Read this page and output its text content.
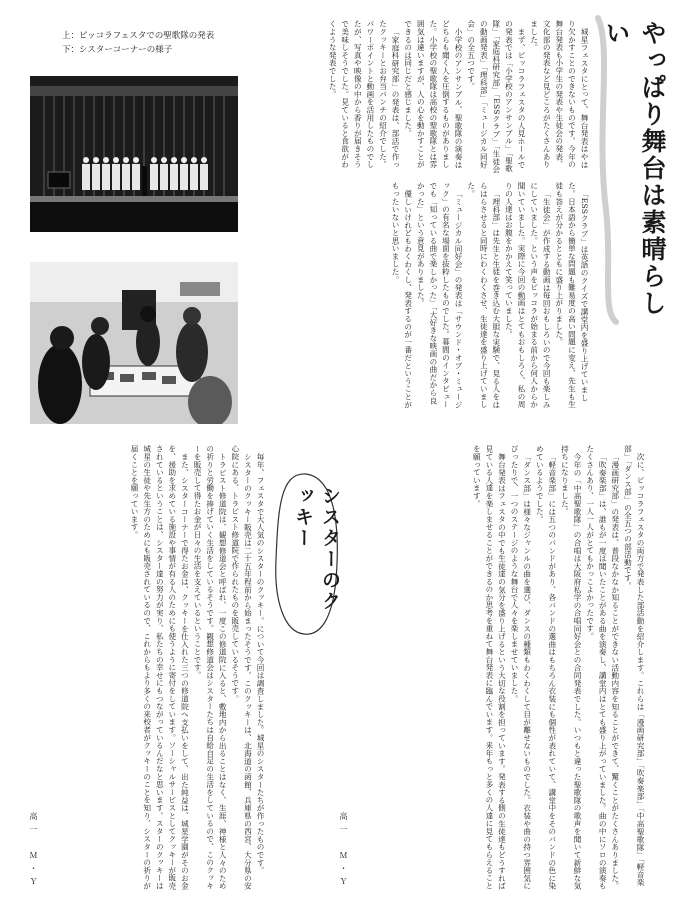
やっぱり舞台は素晴らしい

城星フェスタにとって、舞台発表はやはり欠かすことのできないものです。今年の舞台発表も小学生の発表や生徒会の発表、文化部の発表など見どころがたくさんありました。

まず、ピッコラフェスタの人見ホールでの発表では「小学校のアンサンブル」「聖歌隊」「家庭科研究部」「ESSクラブ」「生徒会の動画発表」「理科部」「ミュージカル同好会」の全五つです。

小学校のアンサンブル、聖歌隊の演奏はどちらも聞く人を圧倒するものがありました。小学校の聖歌隊は高校の聖歌隊とは雰囲気は違いますが、人の心を動かすことができるのは同じだと感じました。

「家庭科研究部」の発表は、部活で作ったクッキーとお弁当パンチの紹介でした。パワーポイントと動画を活用したものでしたが、写真や映像の中から香りが届きそうで美味しそうでした。見ていると食欲がわくような発表でした。

「ESSクラブ」は英語のクイズで講堂内を盛り上げていました。日本語から簡単な問題も難易度の高い問題に変え、先生も生徒も答えが分かるとともに盛り上がりました。

「生徒会」が作成する動画は毎回おもしろいので今回も楽しみにしていました。という声をピッコラが始まる前から何人からか聞いていました。実際に今回の動画はとてもおもしろく、私の周りの人達はお腹をかかえて笑っていました。

「理科部」は先生と生徒を巻き込む大胆な実験で、見る人をはらはらさせると同時にわくわくさせ、生徒達を盛り上げていました。

「ミュージカル同好会」の発表は「サウンド・オブ・ミュージック」の有名な場面を抜粋したものでした。幕間のインタビューでも「知っている曲で楽しかった」「大好きな映画の曲だから良かった」という意見がありました。

優しいけれどもわくわくし、発表するのが一番だということがもったいないと思いました。

上：ピッコラフェスタでの聖歌隊の発表
下：シスターコーナーの様子

次に、ピッコラフェスタの両方で発表した部活動を紹介します。これらは「漫画研究部」「吹奏楽部」「中高聖歌隊」「軽音楽部」「ダンス部」の全五つの部活動です。

「漫画研究部」の発表は、普段なかなか知ることができない活動内容を知ることができて、驚くことがたくさんありました。

「吹奏楽部」は、誰もが一度は聞いたことがある曲を演奏し、講堂内はとても盛り上がっていました。曲の中にソロの演奏もたくさんあり、一人一人がとてもかっこよかったです。

今年の「中高聖歌隊」の合唱は大阪府私学の合唱同好会との合同発表でした。いつもと違った聖歌隊の歌声を聞いて新鮮な気持ちになりました。

「軽音楽部」には五つのバンドがあり、各バンドの選曲はもちろん衣装にも個性が表れていて、講堂中をそのバンドの色に染めているようでした。

「ダンス部」は様々なジャンルの曲を選び、ダンスの種類もわくわくして目が離せないものでした。衣装や曲の持つ雰囲気にぴったりで、一つのステージのような舞台で人々を楽しませていました。

舞台発表はフェスタの中でも生徒達の気分を盛り上げるという大切な役割を担っています。発表する側の生徒達もどうすれば見ている人達を楽しませることができるのか思考を重ねて舞台発表に臨んでいます。来年もっと多くの人達に見てもらえることを願っています。

高一　Ｍ・Ｙ
シスターのクッキー

毎年、フェスタで大人気のシスターのクッキー。について今回は調査しました。城星のシスターたちが作ったものです。

シスターのクッキー販売は二十五年程前から始まったそうです。このクッキーは、北海道の函館、兵庫県の西宮、大分県の安心院にある、トラピスト修道院で作られたものを販売しているそうです。

トラピスト修道院は、観想修道会と呼ばれ、一度この修道院に入ると、敷地内から出ることはなく、生涯、神様と人々のための祈りと労働を捧げていく生活をしているそうです。観想修道会はシスターたちは自給自足の生活をしているので、このクッキーを販売して得たお金が日々の生活を支えているということです。

また、シスターコーナーで得たお金は、クッキーを仕入れた三つの修道院へ支払いをして、出た純益は、城星学園がそのお金を、援助を求めている施設や事情が有る人のためにも使うように寄付をしています。ソーシャルサービスとしてクッキーが販売されているということは、シスター達の努力が実り、私たちの幸せにもつながっているんだなと思います。スターのクッキーは城星の生徒や先生方のためにも販売されているので、これからもより多くの来校者がクッキーのことを知り、シスターの祈りが届くことを願っています。

高一　Ｍ・Ｙ
